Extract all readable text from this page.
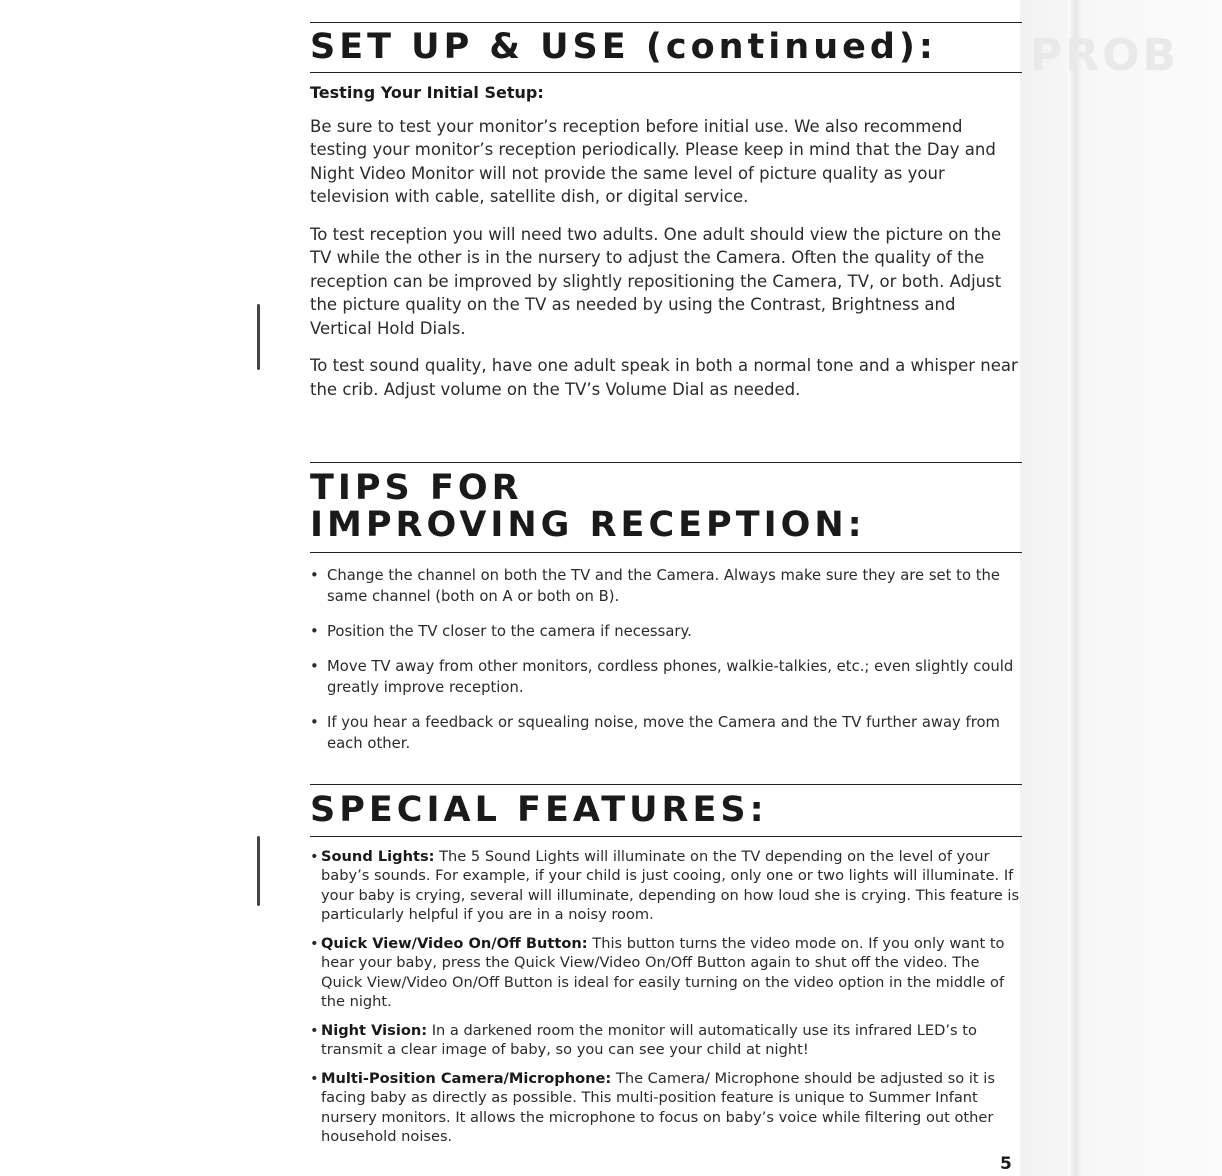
PROB
SET UP & USE (continued):
Testing Your Initial Setup:

Be sure to test your monitor’s reception before initial use. We also recommend testing your monitor’s reception periodically. Please keep in mind that the Day and Night Video Monitor will not provide the same level of picture quality as your television with cable, satellite dish, or digital service.

To test reception you will need two adults. One adult should view the picture on the TV while the other is in the nursery to adjust the Camera. Often the quality of the reception can be improved by slightly repositioning the Camera, TV, or both. Adjust the picture quality on the TV as needed by using the Contrast, Brightness and Vertical Hold Dials.

To test sound quality, have one adult speak in both a normal tone and a whisper near the crib. Adjust volume on the TV’s Volume Dial as needed.

TIPS FOR
IMPROVING RECEPTION:
• Change the channel on both the TV and the Camera. Always make sure they are set to the same channel (both on A or both on B).
• Position the TV closer to the camera if necessary.
• Move TV away from other monitors, cordless phones, walkie-talkies, etc.; even slightly could greatly improve reception.
• If you hear a feedback or squealing noise, move the Camera and the TV further away from each other.
SPECIAL FEATURES:
• Sound Lights: The 5 Sound Lights will illuminate on the TV depending on the level of your baby’s sounds. For example, if your child is just cooing, only one or two lights will illuminate. If your baby is crying, several will illuminate, depending on how loud she is crying. This feature is particularly helpful if you are in a noisy room.
• Quick View/Video On/Off Button: This button turns the video mode on. If you only want to hear your baby, press the Quick View/Video On/Off Button again to shut off the video. The Quick View/Video On/Off Button is ideal for easily turning on the video option in the middle of the night.
• Night Vision: In a darkened room the monitor will automatically use its infrared LED’s to transmit a clear image of baby, so you can see your child at night!
• Multi-Position Camera/Microphone: The Camera/ Microphone should be adjusted so it is facing baby as directly as possible. This multi-position feature is unique to Summer Infant nursery monitors. It allows the microphone to focus on baby’s voice while filtering out other household noises.
5
